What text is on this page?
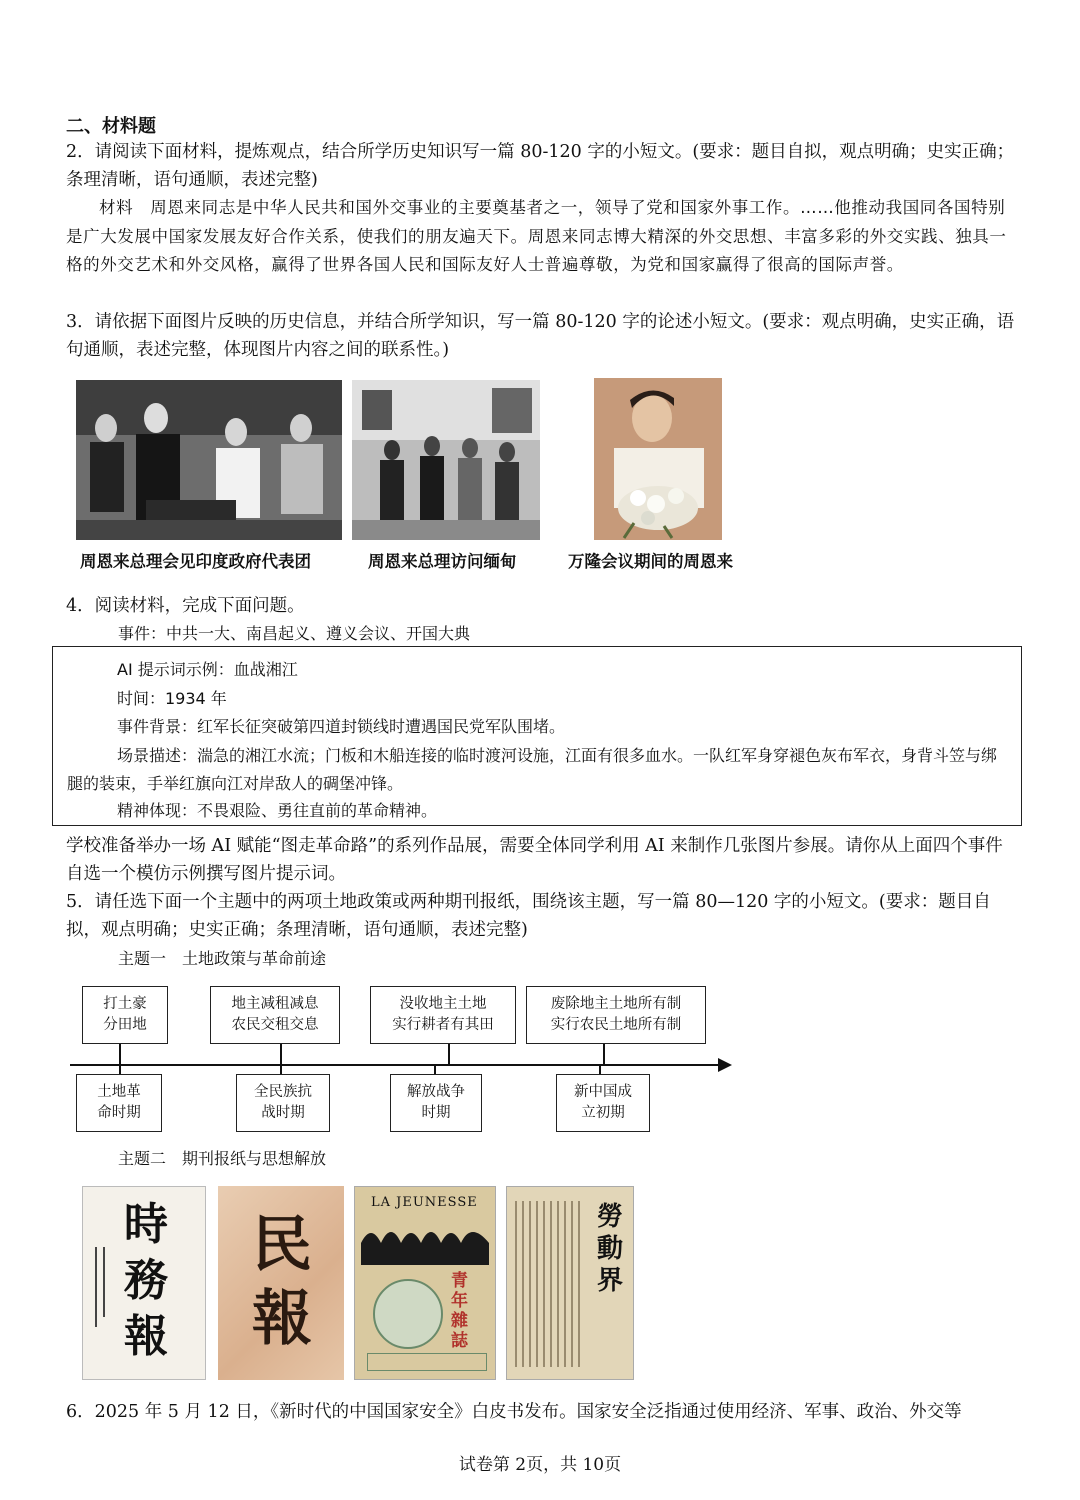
二、材料题
2．请阅读下面材料，提炼观点，结合所学历史知识写一篇 80-120 字的小短文。(要求：题目自拟，观点明确；史实正确；条理清晰，语句通顺，表述完整)
材料　周恩来同志是中华人民共和国外交事业的主要奠基者之一，领导了党和国家外事工作。……他推动我国同各国特别是广大发展中国家发展友好合作关系，使我们的朋友遍天下。周恩来同志博大精深的外交思想、丰富多彩的外交实践、独具一格的外交艺术和外交风格，赢得了世界各国人民和国际友好人士普遍尊敬，为党和国家赢得了很高的国际声誉。
3．请依据下面图片反映的历史信息，并结合所学知识，写一篇 80-120 字的论述小短文。(要求：观点明确，史实正确，语句通顺，表述完整，体现图片内容之间的联系性。)
周恩来总理会见印度政府代表团	周恩来总理访问缅甸	万隆会议期间的周恩来
4．阅读材料，完成下面问题。
事件：中共一大、南昌起义、遵义会议、开国大典
AI 提示词示例：血战湘江
时间：1934 年
事件背景：红军长征突破第四道封锁线时遭遇国民党军队围堵。
场景描述：湍急的湘江水流；门板和木船连接的临时渡河设施，江面有很多血水。一队红军身穿褪色灰布军衣，身背斗笠与绑腿的装束，手举红旗向江对岸敌人的碉堡冲锋。
精神体现：不畏艰险、勇往直前的革命精神。
学校准备举办一场 AI 赋能“图走革命路”的系列作品展，需要全体同学利用 AI 来制作几张图片参展。请你从上面四个事件自选一个模仿示例撰写图片提示词。
5．请任选下面一个主题中的两项土地政策或两种期刊报纸，围绕该主题，写一篇 80—120 字的小短文。(要求：题目自拟，观点明确；史实正确；条理清晰，语句通顺，表述完整)
主题一　土地政策与革命前途
打土豪
分田地
地主减租减息
农民交租交息
没收地主土地
实行耕者有其田
废除地主土地所有制
实行农民土地所有制
土地革
命时期
全民族抗
战时期
解放战争
时期
新中国成
立初期
主题二　期刊报纸与思想解放
時務報
民報
LA JEUNESSE
青年雜誌
勞動界
6．2025 年 5 月 12 日，《新时代的中国国家安全》白皮书发布。国家安全泛指通过使用经济、军事、政治、外交等
试卷第 2页，共 10页
